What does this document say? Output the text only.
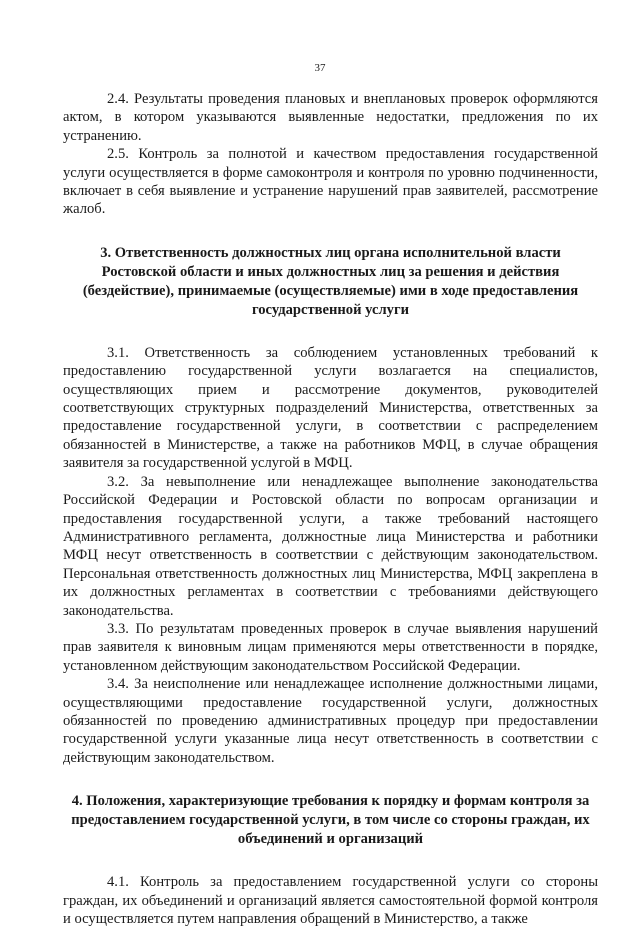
37

2.4. Результаты проведения плановых и внеплановых проверок оформляются актом, в котором указываются выявленные недостатки, предложения по их устранению.

2.5. Контроль за полнотой и качеством предоставления государственной услуги осуществляется в форме самоконтроля и контроля по уровню подчиненности, включает в себя выявление и устранение нарушений прав заявителей, рассмотрение жалоб.

3. Ответственность должностных лиц органа исполнительной власти Ростовской области и иных должностных лиц за решения и действия (бездействие), принимаемые (осуществляемые) ими в ходе предоставления государственной услуги

3.1. Ответственность за соблюдением установленных требований к предоставлению государственной услуги возлагается на специалистов, осуществляющих прием и рассмотрение документов, руководителей соответствующих структурных подразделений Министерства, ответственных за предоставление государственной услуги, в соответствии с распределением обязанностей в Министерстве, а также на работников МФЦ, в случае обращения заявителя за государственной услугой в МФЦ.

3.2. За невыполнение или ненадлежащее выполнение законодательства Российской Федерации и Ростовской области по вопросам организации и предоставления государственной услуги, а также требований настоящего Административного регламента, должностные лица Министерства и работники МФЦ несут ответственность в соответствии с действующим законодательством. Персональная ответственность должностных лиц Министерства, МФЦ закреплена в их должностных регламентах в соответствии с требованиями действующего законодательства.

3.3. По результатам проведенных проверок в случае выявления нарушений прав заявителя к виновным лицам применяются меры ответственности в порядке, установленном действующим законодательством Российской Федерации.

3.4. За неисполнение или ненадлежащее исполнение должностными лицами, осуществляющими предоставление государственной услуги, должностных обязанностей по проведению административных процедур при предоставлении государственной услуги указанные лица несут ответственность в соответствии с действующим законодательством.

4. Положения, характеризующие требования к порядку и формам контроля за предоставлением государственной услуги, в том числе со стороны граждан, их объединений и организаций

4.1. Контроль за предоставлением государственной услуги со стороны граждан, их объединений и организаций является самостоятельной формой контроля и осуществляется путем направления обращений в Министерство, а также
